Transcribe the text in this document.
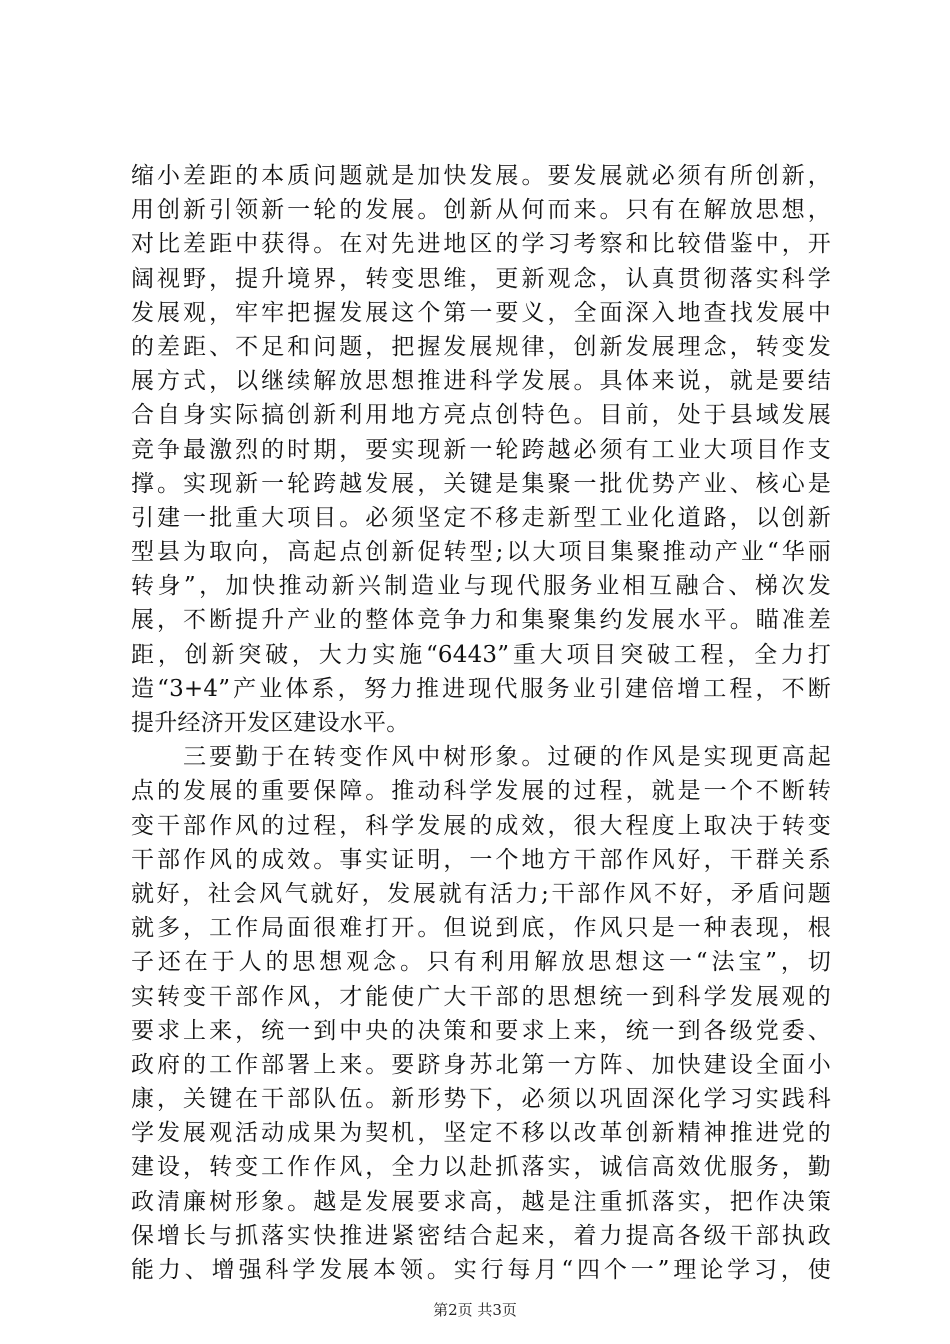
缩小差距的本质问题就是加快发展。要发展就必须有所创新，
用创新引领新一轮的发展。创新从何而来。只有在解放思想，
对比差距中获得。在对先进地区的学习考察和比较借鉴中，开
阔视野，提升境界，转变思维，更新观念，认真贯彻落实科学
发展观，牢牢把握发展这个第一要义，全面深入地查找发展中
的差距、不足和问题，把握发展规律，创新发展理念，转变发
展方式，以继续解放思想推进科学发展。具体来说，就是要结
合自身实际搞创新利用地方亮点创特色。目前，处于县域发展
竞争最激烈的时期，要实现新一轮跨越必须有工业大项目作支
撑。实现新一轮跨越发展，关键是集聚一批优势产业、核心是
引建一批重大项目。必须坚定不移走新型工业化道路，以创新
型县为取向，高起点创新促转型;以大项目集聚推动产业“华丽
转身”，加快推动新兴制造业与现代服务业相互融合、梯次发
展，不断提升产业的整体竞争力和集聚集约发展水平。瞄准差
距，创新突破，大力实施“6443”重大项目突破工程，全力打
造“3+4”产业体系，努力推进现代服务业引建倍增工程，不断
提升经济开发区建设水平。
三要勤于在转变作风中树形象。过硬的作风是实现更高起
点的发展的重要保障。推动科学发展的过程，就是一个不断转
变干部作风的过程，科学发展的成效，很大程度上取决于转变
干部作风的成效。事实证明，一个地方干部作风好，干群关系
就好，社会风气就好，发展就有活力;干部作风不好，矛盾问题
就多，工作局面很难打开。但说到底，作风只是一种表现，根
子还在于人的思想观念。只有利用解放思想这一“法宝”，切
实转变干部作风，才能使广大干部的思想统一到科学发展观的
要求上来，统一到中央的决策和要求上来，统一到各级党委、
政府的工作部署上来。要跻身苏北第一方阵、加快建设全面小
康，关键在干部队伍。新形势下，必须以巩固深化学习实践科
学发展观活动成果为契机，坚定不移以改革创新精神推进党的
建设，转变工作作风，全力以赴抓落实，诚信高效优服务，勤
政清廉树形象。越是发展要求高，越是注重抓落实，把作决策
保增长与抓落实快推进紧密结合起来，着力提高各级干部执政
能力、增强科学发展本领。实行每月“四个一”理论学习，使
第2页 共3页
